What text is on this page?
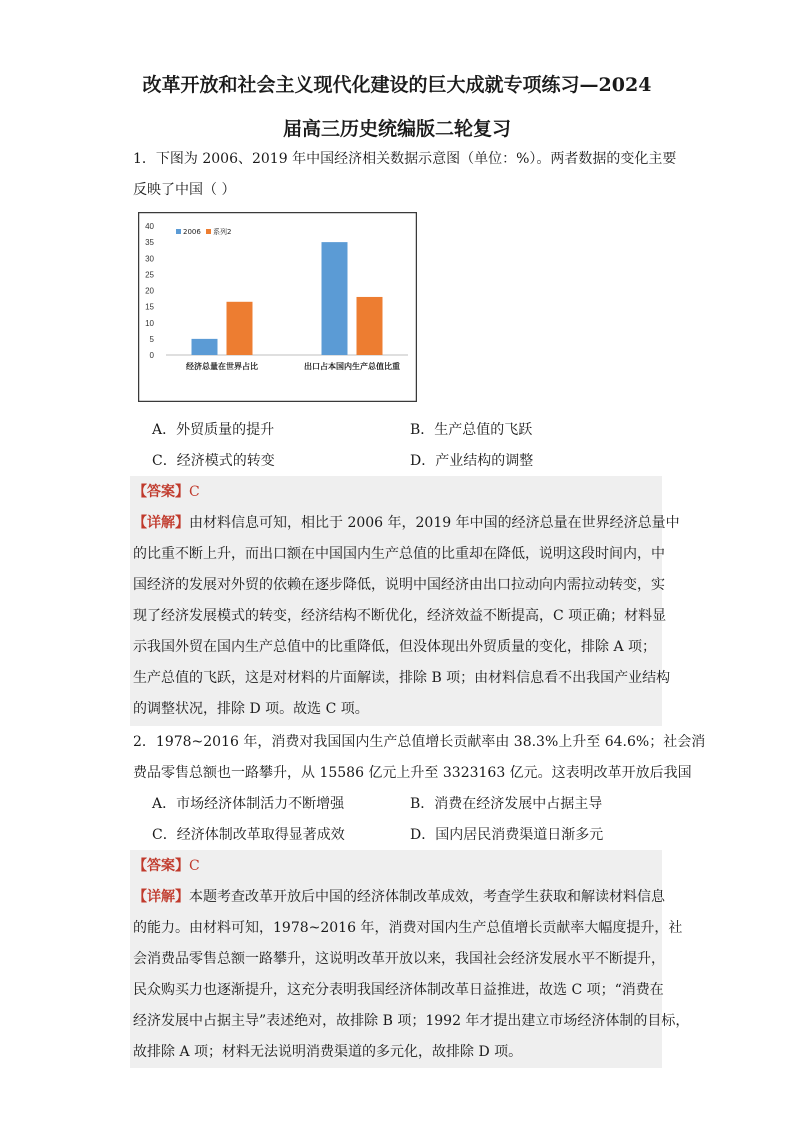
改革开放和社会主义现代化建设的巨大成就专项练习—2024
届高三历史统编版二轮复习
1．下图为 2006、2019 年中国经济相关数据示意图（单位：%）。两者数据的变化主要
反映了中国（ ）
0
5
10
15
20
25
30
35
40
经济总量在世界占比	出口占本国内生产总值比重
2006 系列2
A．外贸质量的提升	B．生产总值的飞跃
C．经济模式的转变	D．产业结构的调整
【答案】C
【详解】由材料信息可知，相比于 2006 年，2019 年中国的经济总量在世界经济总量中
的比重不断上升，而出口额在中国国内生产总值的比重却在降低，说明这段时间内，中
国经济的发展对外贸的依赖在逐步降低，说明中国经济由出口拉动向内需拉动转变，实
现了经济发展模式的转变，经济结构不断优化，经济效益不断提高，C 项正确；材料显
示我国外贸在国内生产总值中的比重降低，但没体现出外贸质量的变化，排除 A 项；
生产总值的飞跃，这是对材料的片面解读，排除 B 项；由材料信息看不出我国产业结构
的调整状况，排除 D 项。故选 C 项。
2．1978~2016 年，消费对我国国内生产总值增长贡献率由 38.3%上升至 64.6%；社会消
费品零售总额也一路攀升，从 15586 亿元上升至 3323163 亿元。这表明改革开放后我国
A．市场经济体制活力不断增强	B．消费在经济发展中占据主导
C．经济体制改革取得显著成效	D．国内居民消费渠道日渐多元
【答案】C
【详解】本题考查改革开放后中国的经济体制改革成效，考查学生获取和解读材料信息
的能力。由材料可知，1978~2016 年，消费对国内生产总值增长贡献率大幅度提升，社
会消费品零售总额一路攀升，这说明改革开放以来，我国社会经济发展水平不断提升，
民众购买力也逐渐提升，这充分表明我国经济体制改革日益推进，故选 C 项；“消费在
经济发展中占据主导”表述绝对，故排除 B 项；1992 年才提出建立市场经济体制的目标，
故排除 A 项；材料无法说明消费渠道的多元化，故排除 D 项。
